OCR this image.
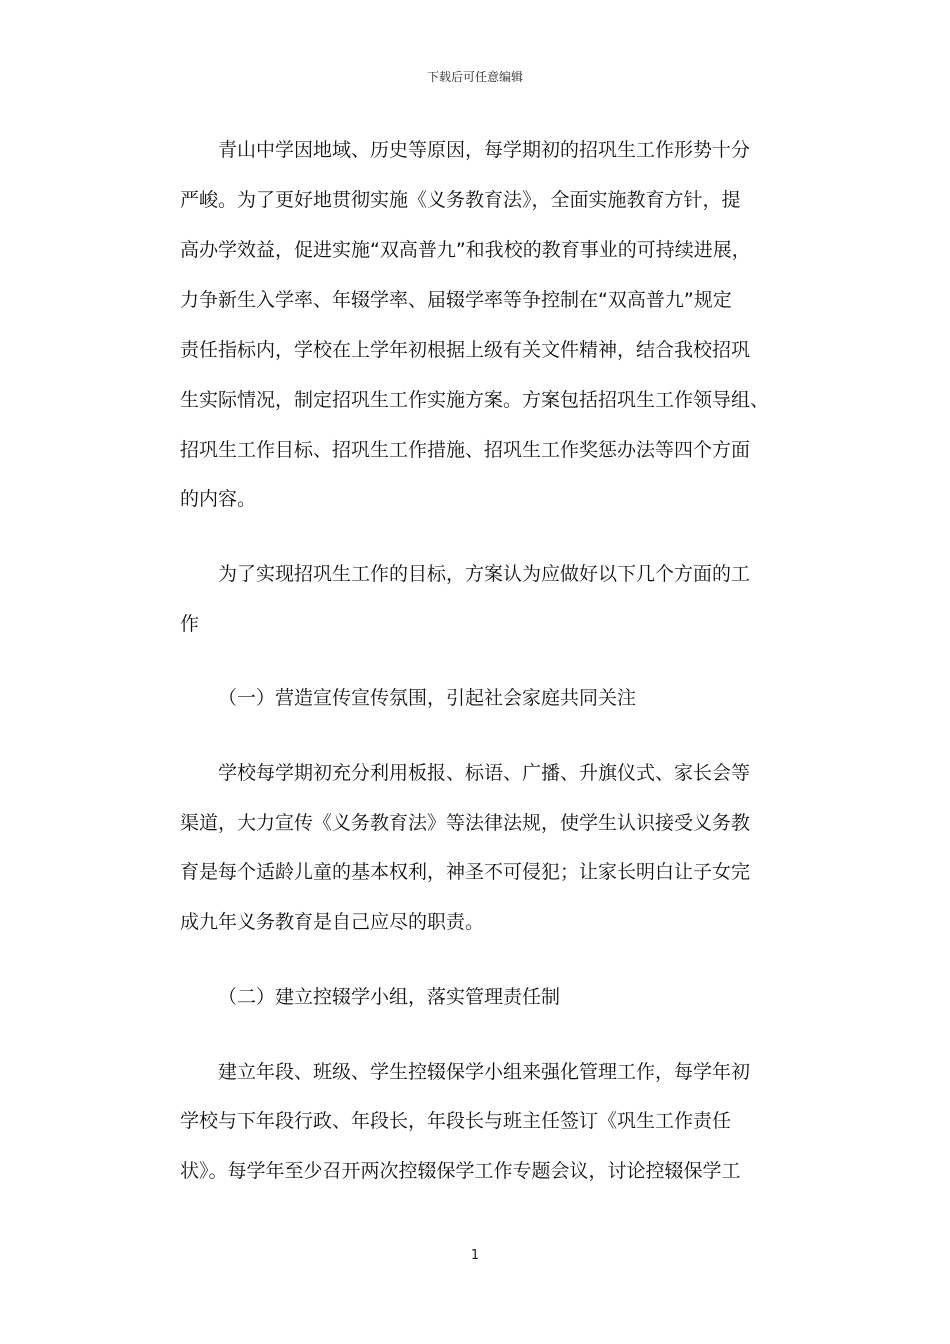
下载后可任意编辑
青山中学因地域、历史等原因，每学期初的招巩生工作形势十分
严峻。为了更好地贯彻实施《义务教育法》，全面实施教育方针，提
高办学效益，促进实施“双高普九”和我校的教育事业的可持续进展，
力争新生入学率、年辍学率、届辍学率等争控制在“双高普九”规定
责任指标内，学校在上学年初根据上级有关文件精神，结合我校招巩
生实际情况，制定招巩生工作实施方案。方案包括招巩生工作领导组、
招巩生工作目标、招巩生工作措施、招巩生工作奖惩办法等四个方面
的内容。
为了实现招巩生工作的目标，方案认为应做好以下几个方面的工
作
（一）营造宣传宣传氛围，引起社会家庭共同关注
学校每学期初充分利用板报、标语、广播、升旗仪式、家长会等
渠道，大力宣传《义务教育法》等法律法规，使学生认识接受义务教
育是每个适龄儿童的基本权利，神圣不可侵犯；让家长明白让子女完
成九年义务教育是自己应尽的职责。
（二）建立控辍学小组，落实管理责任制
建立年段、班级、学生控辍保学小组来强化管理工作，每学年初
学校与下年段行政、年段长，年段长与班主任签订《巩生工作责任
状》。每学年至少召开两次控辍保学工作专题会议，讨论控辍保学工
1
